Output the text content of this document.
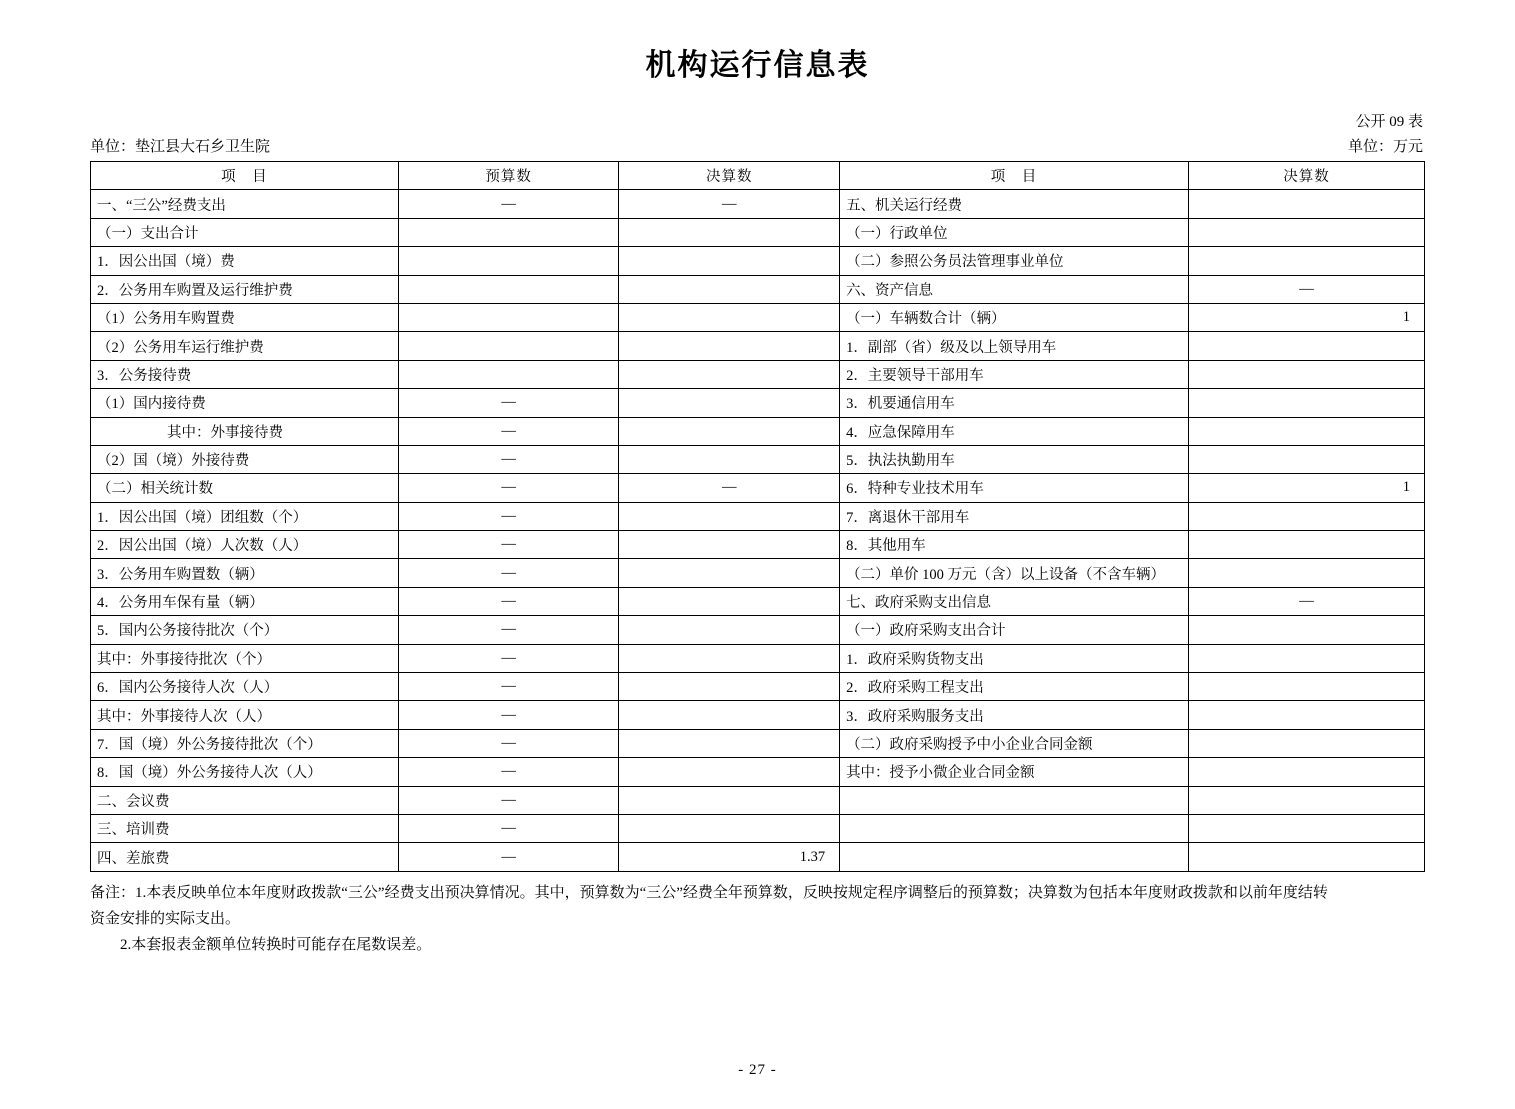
机构运行信息表
公开 09 表
单位：垫江县大石乡卫生院	单位：万元
项　目	预算数	决算数	项　目	决算数
一、“三公”经费支出	—	—	五、机关运行经费	
（一）支出合计			（一）行政单位	
1．因公出国（境）费			（二）参照公务员法管理事业单位	
2．公务用车购置及运行维护费			六、资产信息	—
（1）公务用车购置费			（一）车辆数合计（辆）	1
（2）公务用车运行维护费			1．副部（省）级及以上领导用车	
3．公务接待费			2．主要领导干部用车	
（1）国内接待费	—		3．机要通信用车	
其中：外事接待费	—		4．应急保障用车	
（2）国（境）外接待费	—		5．执法执勤用车	
（二）相关统计数	—	—	6．特种专业技术用车	1
1．因公出国（境）团组数（个）	—		7．离退休干部用车	
2．因公出国（境）人次数（人）	—		8．其他用车	
3．公务用车购置数（辆）	—		（二）单价 100 万元（含）以上设备（不含车辆）	
4．公务用车保有量（辆）	—		七、政府采购支出信息	—
5．国内公务接待批次（个）	—		（一）政府采购支出合计	
其中：外事接待批次（个）	—		1．政府采购货物支出	
6．国内公务接待人次（人）	—		2．政府采购工程支出	
其中：外事接待人次（人）	—		3．政府采购服务支出	
7．国（境）外公务接待批次（个）	—		（二）政府采购授予中小企业合同金额	
8．国（境）外公务接待人次（人）	—		其中：授予小微企业合同金额	
二、会议费	—			
三、培训费	—			
四、差旅费	—	1.37		

备注：1.本表反映单位本年度财政拨款“三公”经费支出预决算情况。其中，预算数为“三公”经费全年预算数，反映按规定程序调整后的预算数；决算数为包括本年度财政拨款和以前年度结转

资金安排的实际支出。

2.本套报表金额单位转换时可能存在尾数误差。

- 27 -
